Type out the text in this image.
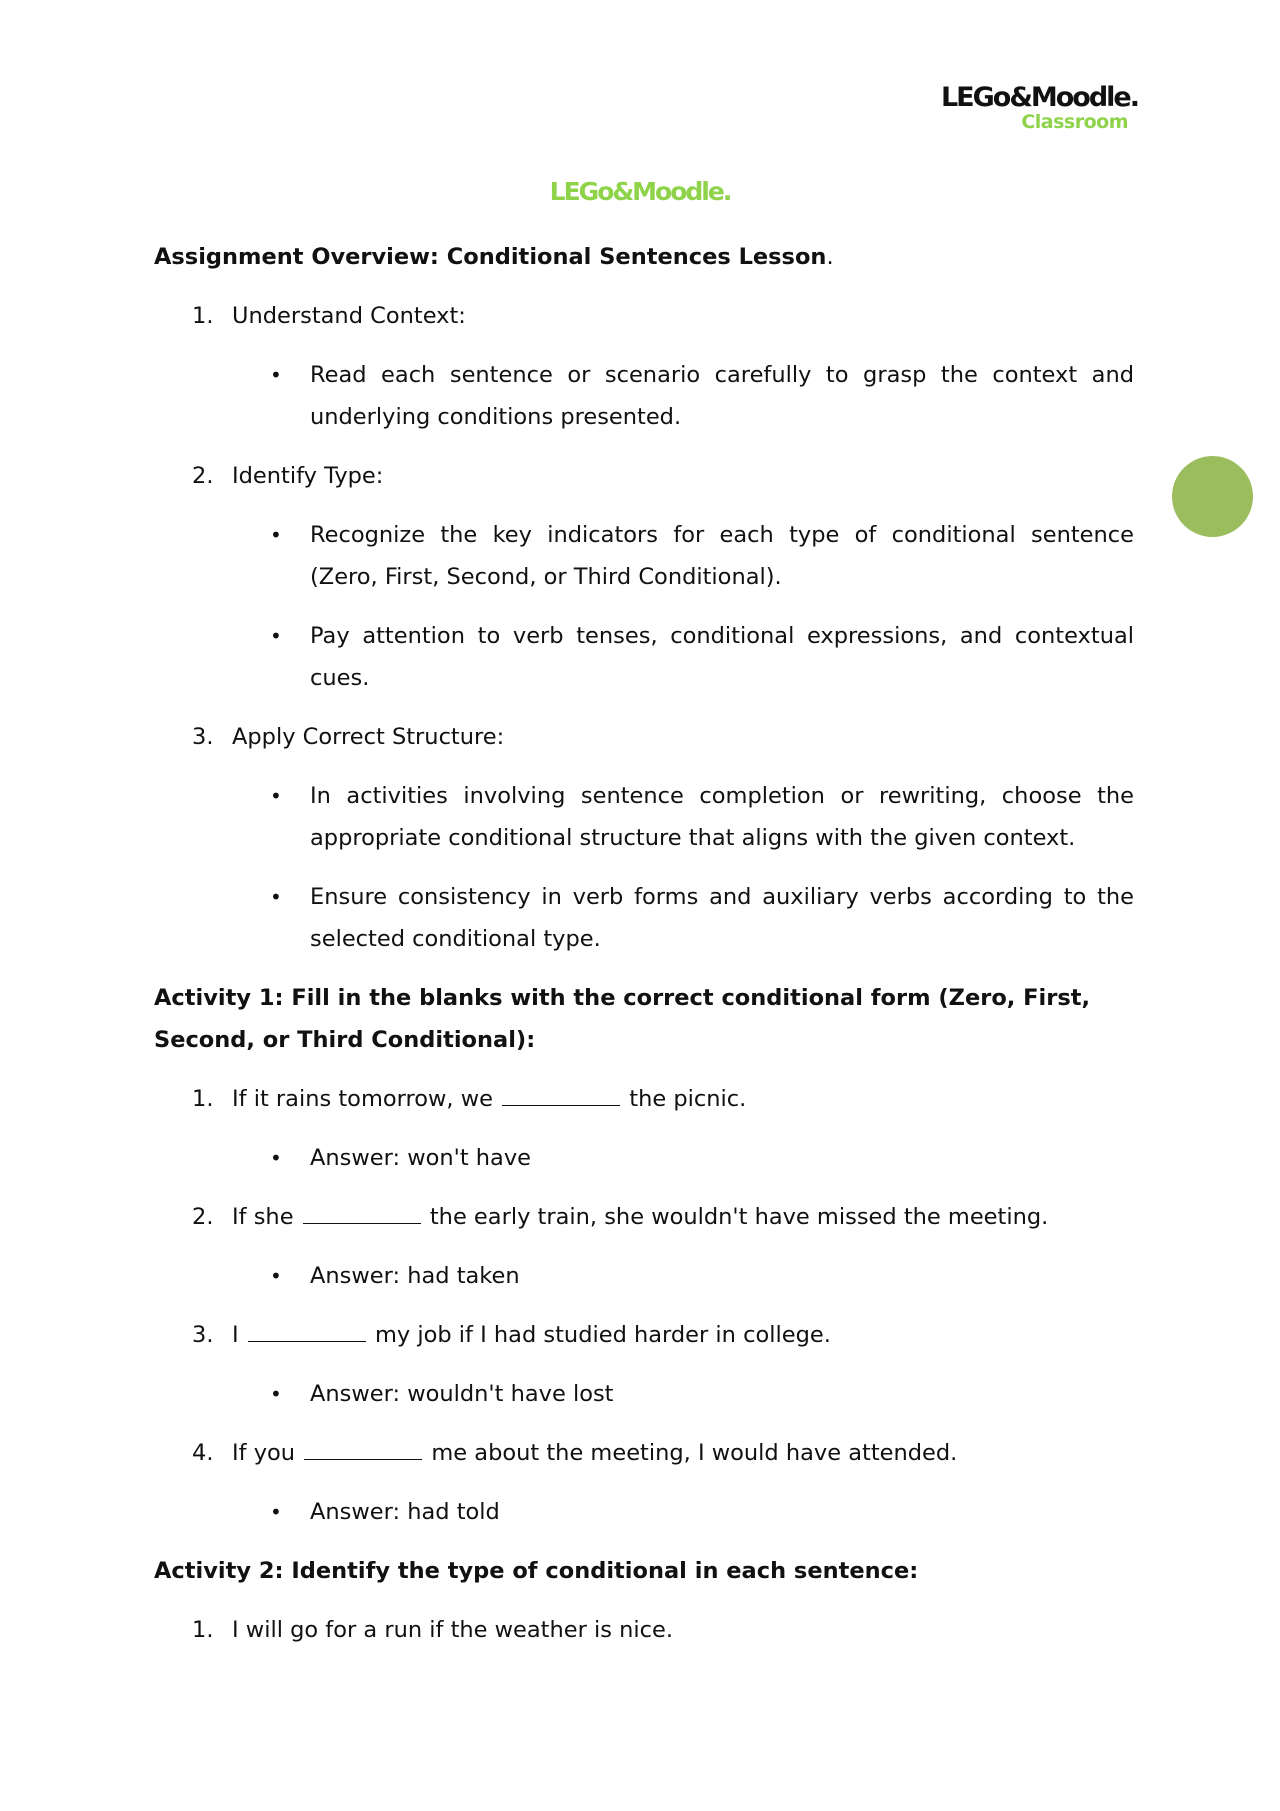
LEGo&Moodle.
Classroom
LEGo&Moodle.

Assignment Overview: Conditional Sentences Lesson.

1. Understand Context:
• Read each sentence or scenario carefully to grasp the context and underlying conditions presented.
2. Identify Type:
• Recognize the key indicators for each type of conditional sentence (Zero, First, Second, or Third Conditional).
• Pay attention to verb tenses, conditional expressions, and contextual cues.
3. Apply Correct Structure:
• In activities involving sentence completion or rewriting, choose the appropriate conditional structure that aligns with the given context.
• Ensure consistency in verb forms and auxiliary verbs according to the selected conditional type.

Activity 1: Fill in the blanks with the correct conditional form (Zero, First, Second, or Third Conditional):

1. If it rains tomorrow, we	the picnic.
• Answer: won't have
2. If she	the early train, she wouldn't have missed the meeting.
• Answer: had taken
3. I	my job if I had studied harder in college.
• Answer: wouldn't have lost
4. If you	me about the meeting, I would have attended.
• Answer: had told

Activity 2: Identify the type of conditional in each sentence:

1. I will go for a run if the weather is nice.
